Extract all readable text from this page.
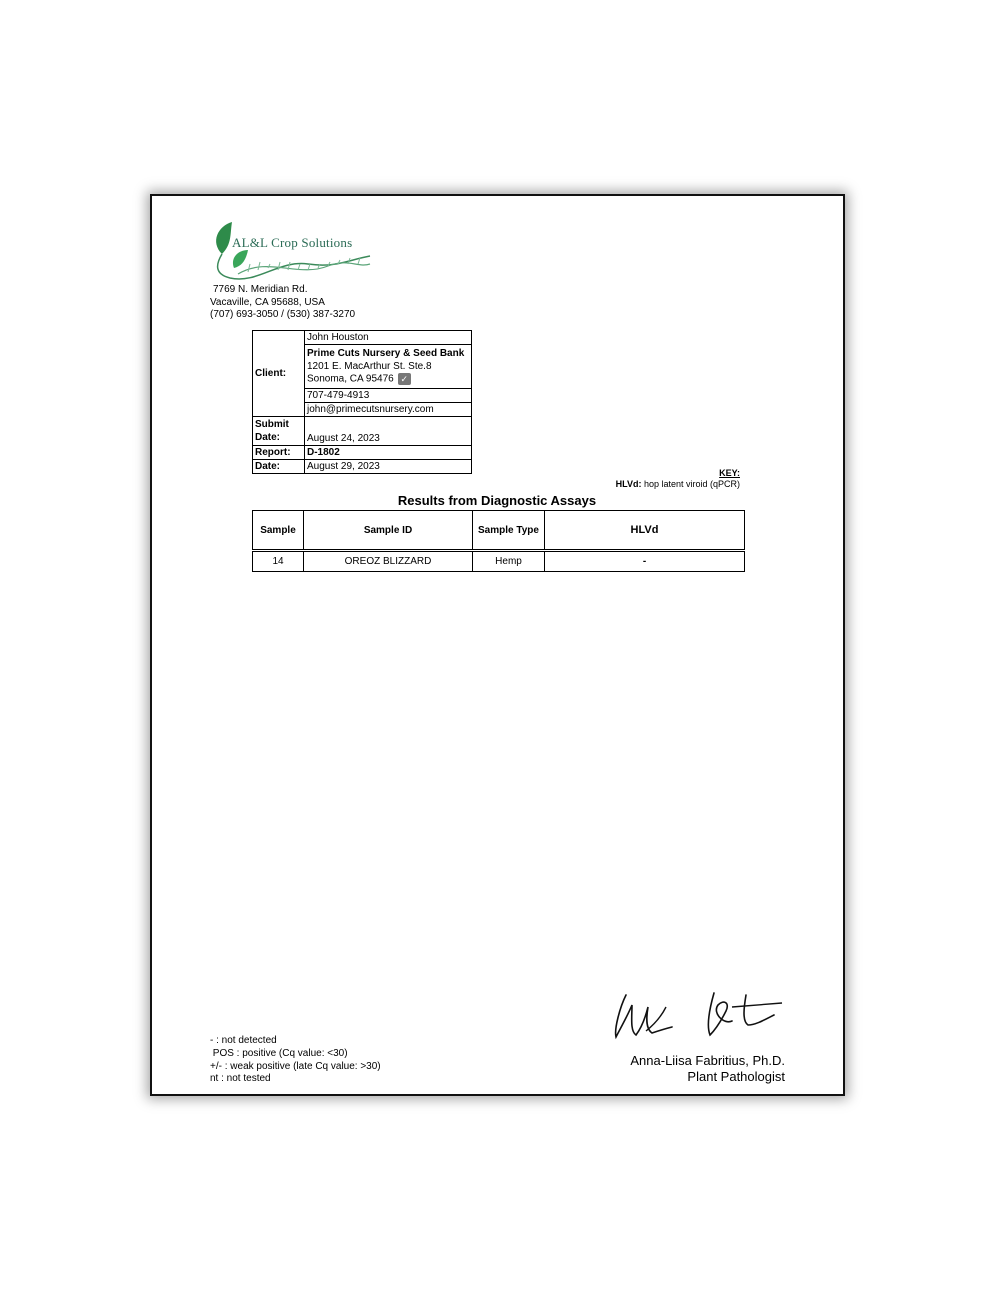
AL&L Crop Solutions
7769 N. Meridian Rd.
Vacaville, CA 95688, USA
(707) 693-3050 / (530) 387-3270
Client:	John Houston

	Prime Cuts Nursery & Seed Bank
1201 E. MacArthur St. Ste.8
Sonoma, CA 95476 ✓

	707-479-4913
	john@primecutsnursery.com

Submit
Date:	August 24, 2023
Report:	D-1802
Date:	August 29, 2023
KEY:
HLVd: hop latent viroid (qPCR)
Results from Diagnostic Assays
Sample	Sample ID	Sample Type	HLVd
14	OREOZ BLIZZARD	Hemp	-
- : not detected
POS : positive (Cq value: <30)
+/- : weak positive (late Cq value: >30)
nt : not tested
Anna-Liisa Fabritius, Ph.D.
Plant Pathologist
